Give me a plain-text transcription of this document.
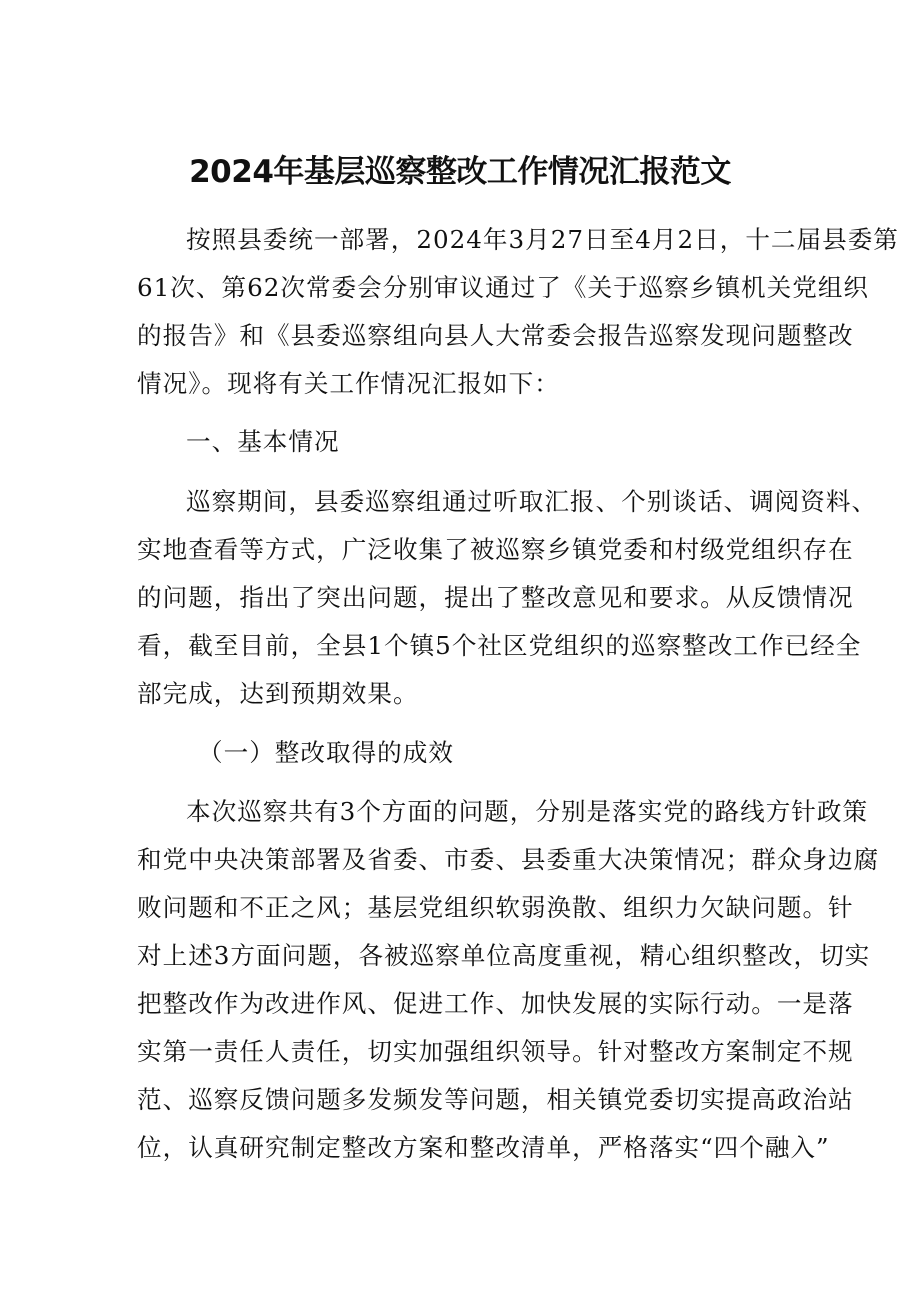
2024年基层巡察整改工作情况汇报范文

按照县委统一部署，2024年3月27日至4月2日，十二届县委第

61次、第62次常委会分别审议通过了《关于巡察乡镇机关党组织

的报告》和《县委巡察组向县人大常委会报告巡察发现问题整改

情况》。现将有关工作情况汇报如下：

一、基本情况

巡察期间，县委巡察组通过听取汇报、个别谈话、调阅资料、

实地查看等方式，广泛收集了被巡察乡镇党委和村级党组织存在

的问题，指出了突出问题，提出了整改意见和要求。从反馈情况

看，截至目前，全县1个镇5个社区党组织的巡察整改工作已经全

部完成，达到预期效果。

（一）整改取得的成效

本次巡察共有3个方面的问题，分别是落实党的路线方针政策

和党中央决策部署及省委、市委、县委重大决策情况；群众身边腐

败问题和不正之风；基层党组织软弱涣散、组织力欠缺问题。针

对上述3方面问题，各被巡察单位高度重视，精心组织整改，切实

把整改作为改进作风、促进工作、加快发展的实际行动。一是落

实第一责任人责任，切实加强组织领导。针对整改方案制定不规

范、巡察反馈问题多发频发等问题，相关镇党委切实提高政治站

位，认真研究制定整改方案和整改清单，严格落实“四个融入”
